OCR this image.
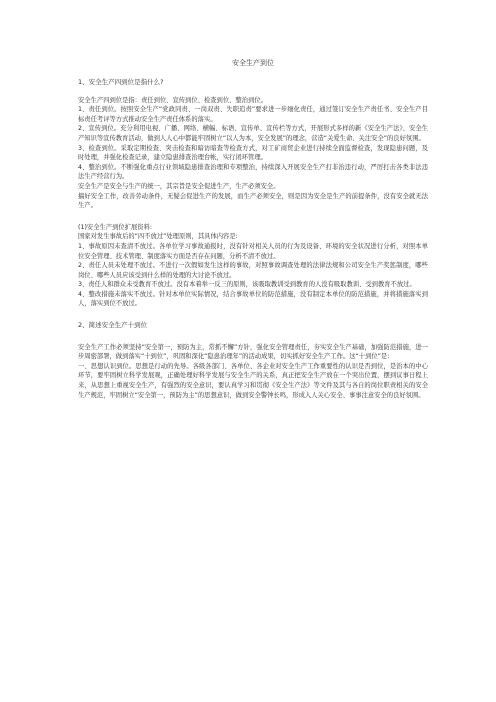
安全生产到位

1、安全生产四到位是指什么?

安全生产四到位是指：责任到位、宣传到位、检查到位、整治到位。

1、责任到位。按照安全生产“党政同责、一岗双责、失职追责”要求进一步细化责任，通过签订安全生产责任书、安全生产目标责任考评等方式推动安全生产责任体系的落实。

2、宣传到位。充分利用电视、广播、网络、横幅、标语、宣传单、宣传栏等方式，开展形式多样的新《安全生产法》、安全生产知识等宣传教育活动，做到人人心中都能牢固树立“以人为本，安全发展”的理念，营造“关爱生命、关注安全”的良好氛围。

3、检查到位。采取定期检查、突击检查和暗访暗查等检查方式，对工矿商贸企业进行持续全面监督检查，发现隐患问题，及时处理，并强化检查记录，建立隐患排查治理台帐，实行闭环管理。

4、整治到位。不断强化重点行业领域隐患排查治理和专项整治，持续深入开展安全生产打非治违行动，严厉打击各类非法违法生产经营行为。

安全生产是安全与生产的统一，其宗旨是安全促进生产，生产必须安全。

搞好安全工作，改善劳动条件，无疑会促进生产的发展，而生产必须安全，则是因为安全是生产的前提条件，没有安全就无法生产。

(1)安全生产到位扩展资料:

国家对发生事故后的“四不放过”处理原则，其具体内容是:

1、事故原因未查清不放过。各单位学习事故通报时，没有针对相关人员的行为及设备、环境的安全状况进行分析，对照本单位安全管理、技术管理、制度落实方面是否存在问题，分析不清不放过。

2、责任人员未处理不放过。不进行一次假如发生这样的事故，对照事故调查处理的法律法规和公司安全生产奖惩制度，哪些岗位、哪些人员应该受到什么样的处理的大讨论不放过。

3、责任人和群众未受教育不放过。没有本着举一反三的原则，该吸取教训受到教育的人没有吸取教训、受到教育不放过。

4、整改措施未落实不放过。针对本单位实际情况，结合事故单位的防范措施，没有制定本单位的防范措施，并将措施落实到人，落实到位不放过。

2、简述安全生产十到位

安全生产工作必须坚持“安全第一，预防为主，常抓不懈”方针，强化安全管理责任，夯实安全生产基础，加强防范措施，进一步周密部署，做到落实“十到位”，巩固和深化“隐患治理年”的活动成果，切实抓好安全生产工作。这“十到位”是:

一、思想认识到位。思想是行动的先导。各级各部门、各单位、各企业对安全生产工作重要性的认识是否到位，是治本的中心环节，要牢固树立科学发展观，正确处理好科学发展与安全生产的关系，真正把安全生产放在一个突出位置，摆到议事日程上来，从思想上重视安全生产，有强烈的安全意识，要认真学习和贯彻《安全生产法》等文件及其与各自的岗位职责相关的安全生产规范，牢固树立“安全第一，预防为主”的思想意识，做到安全警钟长鸣，形成人人关心安全、事事注意安全的良好氛围。
